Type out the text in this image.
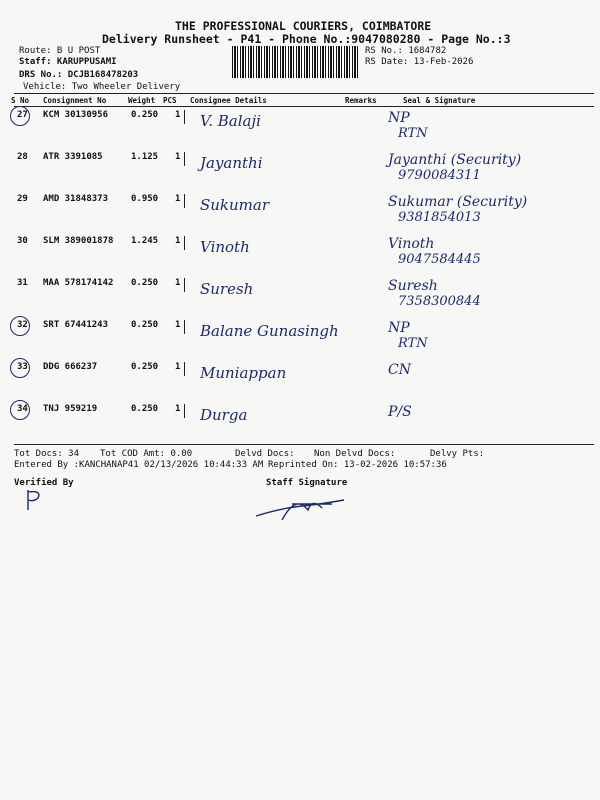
THE PROFESSIONAL COURIERS, COIMBATORE
Delivery Runsheet - P41 - Phone No.:9047080280 - Page No.:3
Route: B U POST
Staff: KARUPPUSAMI
DRS No.: DCJB168478203
Vehicle: Two Wheeler Delivery
RS No.: 1684782
RS Date: 13-Feb-2026
S No Consignment No	Weight PCS Consignee Details	Remarks	Seal & Signature
27 KCM 30130956	0.250 1 V. Balaji	NP
RTN
28 ATR 3391085	1.125 1 Jayanthi	Jayanthi (Security)
9790084311
29 AMD 31848373	0.950 1 Sukumar	Sukumar (Security)
9381854013
30 SLM 389001878 1.245 1 Vinoth	Vinoth
9047584445
31 MAA 578174142 0.250 1 Suresh	Suresh
7358300844
32 SRT 67441243	0.250 1 Balane Gunasingh	NP
RTN
33 DDG 666237	0.250 1 Muniappan	CN
34 TNJ 959219	0.250 1 Durga	P/S
Tot Docs: 34 Tot COD Amt: 0.00	Delvd Docs: Non Delvd Docs:	Delvy Pts:
Entered By :KANCHANAP41 02/13/2026 10:44:33 AM Reprinted On: 13-02-2026 10:57:36
Verified By	Staff Signature
